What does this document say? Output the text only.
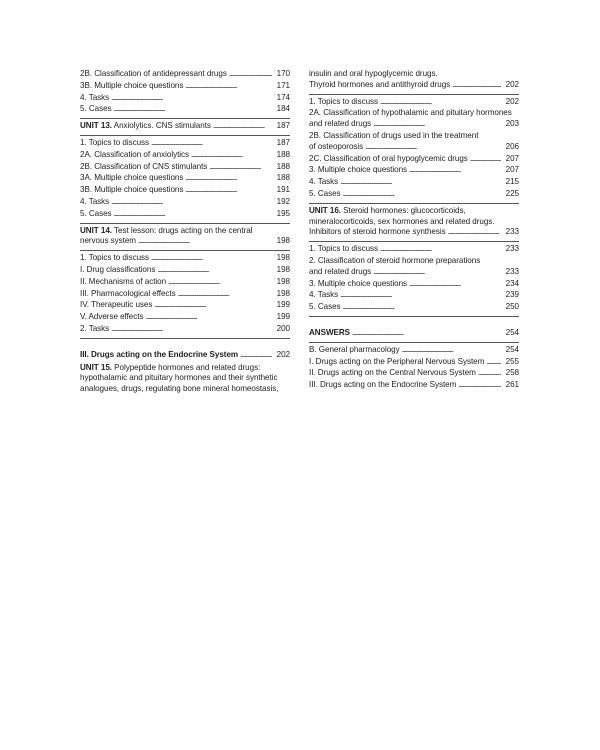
2B. Classification of antidepressant drugs . . .	170
3B. Multiple choice questions . . .	171
4. Tasks . . .	174
5. Cases . . .	184
UNIT 13. Anxiolytics. CNS stimulants . . .	187
1. Topics to discuss . . .	187
2A. Classification of anxiolytics . . .	188
2B. Classification of CNS stimulants . . .	188
3A. Multiple choice questions . . .	188
3B. Multiple choice questions . . .	191
4. Tasks . . .	192
5. Cases . . .	195
UNIT 14. Test lesson: drugs acting on the central
nervous system . . .	198
1. Topics to discuss . . .	198
I. Drug classifications . . .	198
II. Mechanisms of action . . .	198
III. Pharmacological effects . . .	198
IV. Therapeutic uses . . .	199
V. Adverse effects . . .	199
2. Tasks . . .	200
III. Drugs acting on the Endocrine System . . .	202
UNIT 15. Polypeptide hormones and related drugs:
hypothalamic and pituitary hormones and their synthetic
analogues, drugs, regulating bone mineral homeostasis,
insulin and oral hypoglycemic drugs.
Thyroid hormones and antithyroid drugs . . .	202
1. Topics to discuss . . .	202
2A. Classification of hypothalamic and pituitary hormones
and related drugs . . .	203
2B. Classification of drugs used in the treatment
of osteoporosis . . .	206
2C. Classification of oral hypoglycemic drugs . . .	207
3. Multiple choice questions . . .	207
4. Tasks . . .	215
5. Cases . . .	225
UNIT 16. Steroid hormones: glucocorticoids,
mineralocorticoids, sex hormones and related drugs.
Inhibitors of steroid hormone synthesis . . .	233
1. Topics to discuss . . .	233
2. Classification of steroid hormone preparations
and related drugs . . .	233
3. Multiple choice questions . . .	234
4. Tasks . . .	239
5. Cases . . .	250
ANSWERS . . .	254
B. General pharmacology . . .	254
I. Drugs acting on the Peripheral Nervous System . . .	255
II. Drugs acting on the Central Nervous System . . .	258
III. Drugs acting on the Endocrine System . . .	261
